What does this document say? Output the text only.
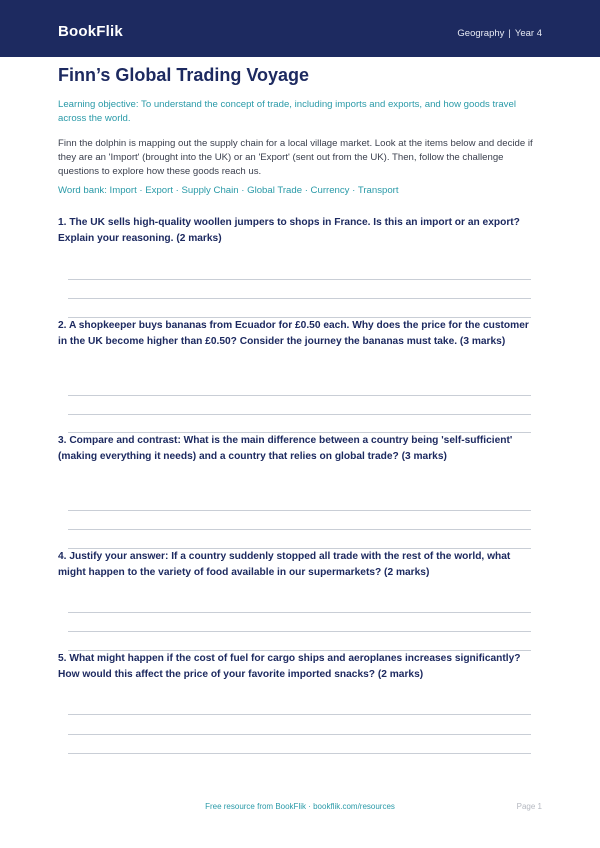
BookFlik	Geography | Year 4
Finn’s Global Trading Voyage
Learning objective: To understand the concept of trade, including imports and exports, and how goods travel across the world.
Finn the dolphin is mapping out the supply chain for a local village market. Look at the items below and decide if they are an 'Import' (brought into the UK) or an 'Export' (sent out from the UK). Then, follow the challenge questions to explore how these goods reach us.
Word bank: Import · Export · Supply Chain · Global Trade · Currency · Transport
1. The UK sells high-quality woollen jumpers to shops in France. Is this an import or an export? Explain your reasoning. (2 marks)
2. A shopkeeper buys bananas from Ecuador for £0.50 each. Why does the price for the customer in the UK become higher than £0.50? Consider the journey the bananas must take. (3 marks)
3. Compare and contrast: What is the main difference between a country being 'self-sufficient' (making everything it needs) and a country that relies on global trade? (3 marks)
4. Justify your answer: If a country suddenly stopped all trade with the rest of the world, what might happen to the variety of food available in our supermarkets? (2 marks)
5. What might happen if the cost of fuel for cargo ships and aeroplanes increases significantly? How would this affect the price of your favorite imported snacks? (2 marks)
Free resource from BookFlik · bookflik.com/resources	Page 1
